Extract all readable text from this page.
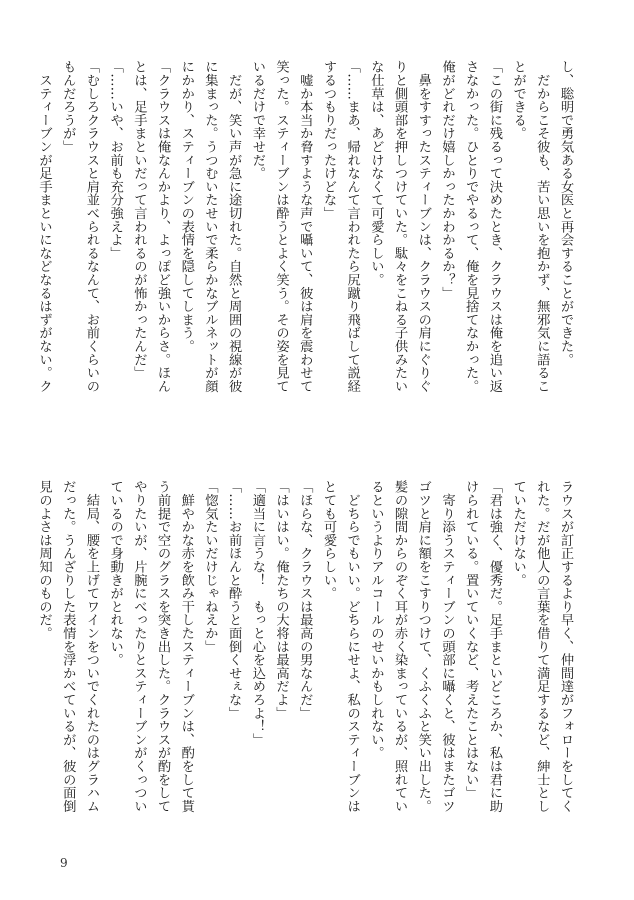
し、聡明で勇気ある女医と再会することができた。

　だからこそ彼も、苦い思いを抱かず、無邪気に語るこ

とができる。

「この街に残るって決めたとき、クラウスは俺を追い返

さなかった。ひとりでやるって、俺を見捨てなかった。

俺がどれだけ嬉しかったかわかるか？」

　鼻をすすったスティーブンは、クラウスの肩にぐりぐ

りと側頭部を押しつけていた。駄々をこねる子供みたい

な仕草は、あどけなくて可愛らしい。

「……まあ、帰れなんて言われたら尻蹴り飛ばして説経

するつもりだったけどな」

　嘘か本当か脅すような声で囁いて、彼は肩を震わせて

笑った。スティーブンは酔うとよく笑う。その姿を見て

いるだけで幸せだ。

　だが、笑い声が急に途切れた。自然と周囲の視線が彼

に集まった。うつむいたせいで柔らかなブルネットが顔

にかかり、スティーブンの表情を隠してしまう。

「クラウスは俺なんかより、よっぽど強いからさ。ほん

とは、足手まといだって言われるのが怖かったんだ」

「……いや、お前も充分強えよ」

「むしろクラウスと肩並べられるなんて、お前くらいの

もんだろうが」

　スティーブンが足手まといになどなるはずがない。ク

ラウスが訂正するより早く、仲間達がフォローをしてく

れた。だが他人の言葉を借りて満足するなど、紳士とし

ていただけない。

「君は強く、優秀だ。足手まといどころか、私は君に助

けられている。置いていくなど、考えたことはない」

　寄り添うスティーブンの頭部に囁くと、彼はまたゴツ

ゴツと肩に額をこすりつけて、くふくふと笑い出した。

髪の隙間からのぞく耳が赤く染まっているが、照れてい

るというよりアルコールのせいかもしれない。

　どちらでもいい。どちらにせよ、私のスティーブンは

とても可愛らしい。

「ほらな、クラウスは最高の男なんだ」

「はいはい。俺たちの大将は最高だよ」

「適当に言うな！　もっと心を込めろよ！」

「……お前ほんと酔うと面倒くせぇな」

「惚気たいだけじゃねえか」

　鮮やかな赤を飲み干したスティーブンは、酌をして貰

う前提で空のグラスを突き出した。クラウスが酌をして

やりたいが、片腕にべったりとスティーブンがくっつい

ているので身動きがとれない。

　結局、腰を上げてワインをついでくれたのはグラハム

だった。うんざりした表情を浮かべているが、彼の面倒

見のよさは周知のものだ。

9
